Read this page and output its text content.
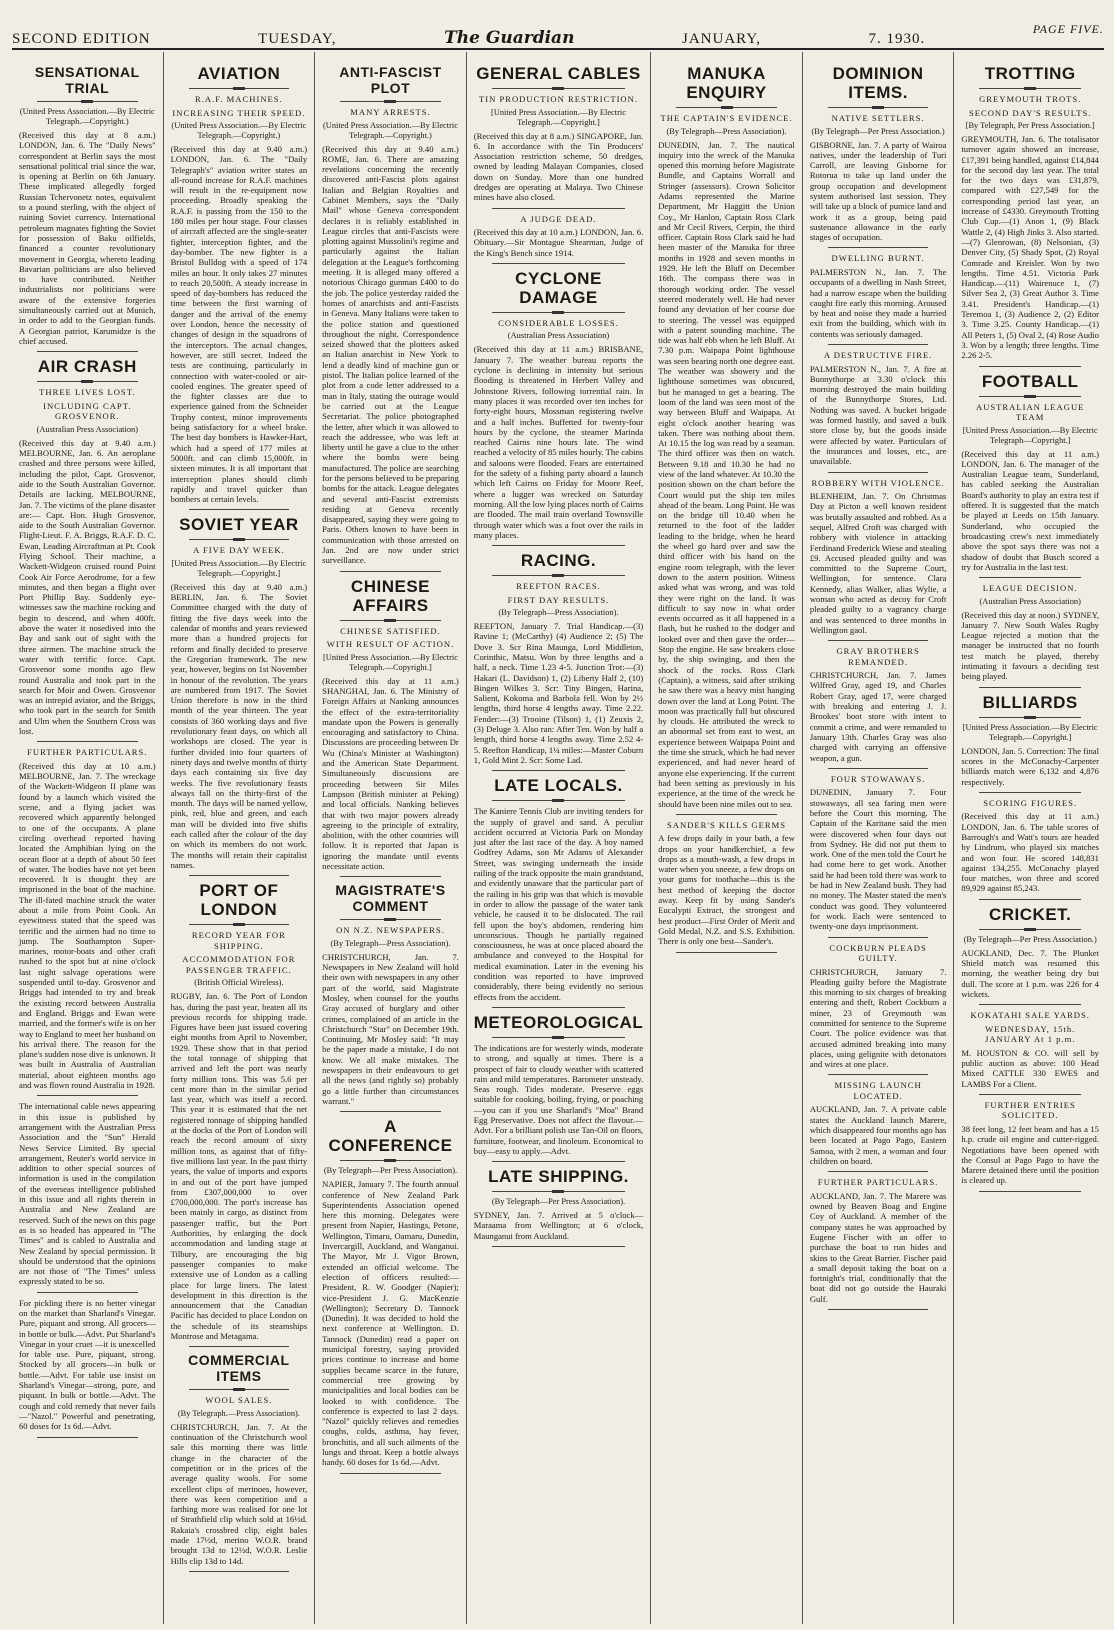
SECOND EDITION	TUESDAY,	The Guardian	JANUARY,	7. 1930.
PAGE FIVE.
SENSATIONAL TRIAL
(United Press Association.—By Electric Telegraph.—Copyright.)
(Received this day at 8 a.m.) LONDON, Jan. 6. The "Daily News" correspondent at Berlin says the most sensational political trial since the war, is opening at Berlin on 6th January. These implicated allegedly forged Russian Tchervonetz notes, equivalent to a pound sterling, with the object of ruining Soviet currency. International petroleum magnates fighting the Soviet for possession of Baku oilfields, financed a counter revolutionary movement in Georgia, whereto leading Bavarian politicians are also believed to have contributed. Neither industrialists nor politicians were aware of the extensive forgeries simultaneously carried out at Munich, in order to add to the Georgian funds. A Georgian patriot, Karumidze is the chief accused.
AIR CRASH
THREE LIVES LOST.
INCLUDING CAPT. GROSVENOR.
(Australian Press Association)
(Received this day at 9.40 a.m.) MELBOURNE, Jan. 6. An aeroplane crashed and three persons were killed, including the pilot, Capt. Grosvenor, aide to the South Australian Governor. Details are lacking. MELBOURNE, Jan. 7. The victims of the plane disaster are:— Capt. Hon. Hugh Grosvenor, aide to the South Australian Governor. Flight-Lieut. F. A. Briggs, R.A.F. D. C. Ewan, Leading Aircraftman at Pt. Cook Flying School. Their machine, a Wackett-Widgeon cruised round Point Cook Air Force Aerodrome, for a few minutes, and then began a flight over Port Phillip Bay. Suddenly eye-witnesses saw the machine rocking and begin to descend, and when 400ft. above the water it nosedived into the Bay and sank out of sight with the three airmen. The machine struck the water with terrific force. Capt. Grosvenor some months ago flew round Australia and took part in the search for Moir and Owen. Grosvenor was an intrepid aviator, and the Briggs, who took part in the search for Smith and Ulm when the Southern Cross was lost.
FURTHER PARTICULARS.
(Received this day at 10 a.m.) MELBOURNE, Jan. 7. The wreckage of the Wackett-Widgeon II plane was found by a launch which visited the scene, and a flying jacket was recovered which apparently belonged to one of the occupants. A plane circling overhead reported having located the Amphibian lying on the ocean floor at a depth of about 50 feet of water. The bodies have not yet been recovered. It is thought they are imprisoned in the boat of the machine. The ill-fated machine struck the water about a mile from Point Cook. An eyewitness stated that the speed was terrific and the airmen had no time to jump. The Southampton Super-marines, motor-boats and other craft rushed to the spot but at nine o'clock last night salvage operations were suspended until to-day. Grosvenor and Briggs had intended to try and break the existing record between Australia and England. Briggs and Ewan were married, and the former's wife is on her way to England to meet her husband on his arrival there. The reason for the plane's sudden nose dive is unknown. It was built in Australia of Australian material, about eighteen months ago and was flown round Australia in 1928.
The international cable news appearing in this issue is published by arrangement with the Australian Press Association and the "Sun" Herald News Service Limited. By special arrangement, Reuter's world service in addition to other special sources of information is used in the compilation of the overseas intelligence published in this issue and all rights therein in Australia and New Zealand are reserved. Such of the news on this page as is so headed has appeared in "The Times" and is cabled to Australia and New Zealand by special permission. It should be understood that the opinions are not those of "The Times" unless expressly stated to be so.
For pickling there is no better vinegar on the market than Sharland's Vinegar. Pure, piquant and strong. All grocers—in bottle or bulk.—Advt. Put Sharland's Vinegar in your cruet —it is unexcelled for table use. Pure, piquant, strong. Stocked by all grocers—in bulk or bottle.—Advt. For table use insist on Sharland's Vinegar—strong, pure, and piquant. In bulk or bottle.—Advt. The cough and cold remedy that never fails—"Nazol." Powerful and penetrating, 60 doses for 1s 6d.—Advt.
AVIATION
R.A.F. MACHINES.
INCREASING THEIR SPEED.
(United Press Association.—By Electric Telegraph.—Copyright.)
(Received this day at 9.40 a.m.) LONDON, Jan. 6. The "Daily Telegraph's" aviation writer states an all-round increase for R.A.F. machines will result in the re-equipment now proceeding. Broadly speaking the R.A.F. is passing from the 150 to the 180 miles per hour stage. Four classes of aircraft affected are the single-seater fighter, interception fighter, and the day-bomber. The new fighter is a Bristol Bulldog with a speed of 174 miles an hour. It only takes 27 minutes to reach 20,500ft. A steady increase in speed of day-bombers has reduced the time between the first warning of danger and the arrival of the enemy over London, hence the necessity of changes of design in the squadrons of the interceptors. The actual changes, however, are still secret. Indeed the tests are continuing, particularly in connection with water-cooled or air-cooled engines. The greater speed of the fighter classes are due to experience gained from the Schneider Trophy contest, minor improvements being satisfactory for a wheel brake. The best day bombers is Hawker-Hart, which had a speed of 177 miles at 5000ft. and can climb 15,000ft. in sixteen minutes. It is all important that interception planes should climb rapidly and travel quicker than bombers at certain levels.
SOVIET YEAR
A FIVE DAY WEEK.
[United Press Association.—By Electric Telegraph.—Copyright.]
(Received this day at 9.40 a.m.) BERLIN, Jan. 6. The Soviet Committee charged with the duty of fitting the five days week into the calendar of months and years reviewed more than a hundred projects for reform and finally decided to preserve the Gregorian framework. The new year, however, begins on 1st November in honour of the revolution. The years are numbered from 1917. The Soviet Union therefore is now in the third month of the year thirteen. The year consists of 360 working days and five revolutionary feast days, on which all workshops are closed. The year is further divided into four quarters of ninety days and twelve months of thirty days each containing six five day weeks. The five revolutionary feasts always fall on the thirty-first of the month. The days will be named yellow, pink, red, blue and green, and each man will be divided into five shifts each called after the colour of the day on which its members do not work. The months will retain their capitalist names.
PORT OF LONDON
RECORD YEAR FOR SHIPPING.
ACCOMMODATION FOR PASSENGER TRAFFIC.
(British Official Wireless).
RUGBY, Jan. 6. The Port of London has, during the past year, beaten all its previous records for shipping trade. Figures have been just issued covering eight months from April to November, 1929. These show that in that period the total tonnage of shipping that arrived and left the port was nearly forty million tons. This was 5.6 per cent more than in the similar period last year, which was itself a record. This year it is estimated that the net registered tonnage of shipping handled at the docks of the Port of London will reach the record amount of sixty million tons, as against that of fifty-five millions last year. In the past thirty years, the value of imports and exports in and out of the port have jumped from £307,000,000 to over £700,000,000. The port's increase has been mainly in cargo, as distinct from passenger traffic, but the Port Authorities, by enlarging the dock accommodation and landing stage at Tilbury, are encouraging the big passenger companies to make extensive use of London as a calling place for large liners. The latest development in this direction is the announcement that the Canadian Pacific has decided to place London on the schedule of its steamships Montrose and Metagama.
COMMERCIAL ITEMS
WOOL SALES.
(By Telegraph.—Press Association).
CHRISTCHURCH, Jan. 7. At the continuation of the Christchurch wool sale this morning there was little change in the character of the competition or in the prices of the average quality wools. For some excellent clips of merinoes, however, there was keen competition and a farthing more was realised for one lot of Strathfield clip which sold at 16½d. Rakaia's crossbred clip, eight bales made 17½d, merino W.O.R. brand brought 13d to 12½d, W.O.R. Leslie Hills clip 13d to 14d.
ANTI-FASCIST PLOT
MANY ARRESTS.
(United Press Association.—By Electric Telegraph.—Copyright.)
(Received this day at 9.40 a.m.) ROME, Jan. 6. There are amazing revelations concerning the recently discovered anti-Fascist plots against Italian and Belgian Royalties and Cabinet Members, says the "Daily Mail" whose Geneva correspondent declares it is reliably established in League circles that anti-Fascists were plotting against Mussolini's regime and particularly against the Italian delegation at the League's forthcoming meeting. It is alleged many offered a notorious Chicago gunman £400 to do the job. The police yesterday raided the homes of anarchists and anti-Fascists in Geneva. Many Italians were taken to the police station and questioned throughout the night. Correspondence seized showed that the plotters asked an Italian anarchist in New York to lend a deadly kind of machine gun or pistol. The Italian police learned of the plot from a code letter addressed to a man in Italy, stating the outrage would be carried out at the League Secretariat. The police photographed the letter, after which it was allowed to reach the addressee, who was left at liberty until he gave a clue to the other where the bombs were being manufactured. The police are searching for the persons believed to be preparing bombs for the attack. League delegates and several anti-Fascist extremists residing at Geneva recently disappeared, saying they were going to Paris. Others known to have been in communication with those arrested on Jan. 2nd are now under strict surveillance.
CHINESE AFFAIRS
CHINESE SATISFIED.
WITH RESULT OF ACTION.
[United Press Association.—By Electric Telegraph.—Copyright.]
(Received this day at 11 a.m.) SHANGHAI, Jan. 6. The Ministry of Foreign Affairs at Nanking announces the effect of the extra-territoriality mandate upon the Powers is generally encouraging and satisfactory to China. Discussions are proceeding between Dr Wu (China's Minister at Washington) and the American State Department. Simultaneously discussions are proceeding between Sir Miles Lampson (British minister at Peking) and local officials. Nanking believes that with two major powers already agreeing to the principle of extrality, abolition, with the other countries will follow. It is reported that Japan is ignoring the mandate until events necessitate action.
MAGISTRATE'S COMMENT
ON N.Z. NEWSPAPERS.
(By Telegraph—Press Association).
CHRISTCHURCH, Jan. 7. Newspapers in New Zealand will hold their own with newspapers in any other part of the world, said Magistrate Mosley, when counsel for the youths Gray accused of burglary and other crimes, complained of an article in the Christchurch "Star" on December 19th. Continuing, Mr Mosley said: "It may be the paper made a mistake, I do not know. We all make mistakes. The newspapers in their endeavours to get all the news (and rightly so) probably go a little further than circumstances warrant."
A CONFERENCE
(By Telegraph—Per Press Association).
NAPIER, January 7. The fourth annual conference of New Zealand Park Superintendents Association opened here this morning. Delegates were present from Napier, Hastings, Petone, Wellington, Timaru, Oamaru, Dunedin, Invercargill, Auckland, and Wanganui. The Mayor, Mr J. Vigor Brown, extended an official welcome. The election of officers resulted:— President, R. W. Goodger (Napier); vice-President J. G. MacKenzie (Wellington); Secretary D. Tannock (Dunedin). It was decided to hold the next conference at Wellington. D. Tannock (Dunedin) read a paper on municipal forestry, saying provided prices continue to increase and home supplies became scarce in the future, commercial tree growing by municipalities and local bodies can be looked to with confidence. The conference is expected to last 2 days. "Nazol" quickly relieves and remedies coughs, colds, asthma, hay fever, bronchitis, and all such ailments of the lungs and throat. Keep a bottle always handy. 60 doses for 1s 6d.—Advt.
GENERAL CABLES
TIN PRODUCTION RESTRICTION.
[United Press Association.—By Electric Telegraph.—Copyright.]
(Received this day at 8 a.m.) SINGAPORE, Jan. 6. In accordance with the Tin Producers' Association restriction scheme, 50 dredges, owned by leading Malayan Companies, closed down on Sunday. More than one hundred dredges are operating at Malaya. Two Chinese mines have also closed.
A JUDGE DEAD.
(Received this day at 10 a.m.) LONDON, Jan. 6. Obituary.—Sir Montague Shearman, Judge of the King's Bench since 1914.
CYCLONE DAMAGE
CONSIDERABLE LOSSES.
(Australian Press Association)
(Received this day at 11 a.m.) BRISBANE, January 7. The weather bureau reports the cyclone is declining in intensity but serious flooding is threatened in Herbert Valley and Johnstone Rivers, following torrential rain. In many places it was recorded over ten inches for forty-eight hours, Mossman registering twelve and a half inches. Buffetted for twenty-four hours by the cyclone, the steamer Marinda reached Cairns nine hours late. The wind reached a velocity of 85 miles hourly. The cabins and saloons were flooded. Fears are entertained for the safety of a fishing party aboard a launch which left Cairns on Friday for Moore Reef, where a lugger was wrecked on Saturday morning. All the low lying places north of Cairns are flooded. The mail train overland Townsville through water which was a foot over the rails in many places.
RACING.
REEFTON RACES.
FIRST DAY RESULTS.
(By Telegraph—Press Association).
REEFTON, January 7. Trial Handicap.—(3) Ravine 1; (McCarthy) (4) Audience 2; (5) The Dove 3. Scr Rina Maunga, Lord Middleton, Corinthic, Matsu. Won by three lengths and a half, a neck. Time 1.23 4-5. Junction Trot:—(3) Hakari (L. Davidson) 1, (2) Liberty Half 2, (10) Bingen Wilkes 3. Scr: Tiny Bingen, Harina, Salient, Kokoma and Barbola fell. Won by 2½ lengths, third horse 4 lengths away. Time 2.22. Fender:—(3) Trooine (Tilson) 1, (1) Zeuxis 2, (3) Deluge 3. Also ran: After Ten. Won by half a length, third horse 4 lengths away. Time 2.52 4-5. Reefton Handicap, 1¼ miles:—Master Coburn 1, Gold Mint 2. Scr: Some Lad.
LATE LOCALS.
The Kaniere Tennis Club are inviting tenders for the supply of gravel and sand. A peculiar accident occurred at Victoria Park on Monday just after the last race of the day. A boy named Godfrey Adams, son Mr Adams of Alexander Street, was swinging underneath the inside railing of the track opposite the main grandstand, and evidently unaware that the particular part of the railing in his grip was that which is movable in order to allow the passage of the water tank vehicle, he caused it to be dislocated. The rail fell upon the boy's abdomen, rendering him unconscious. Though he partially regained consciousness, he was at once placed aboard the ambulance and conveyed to the Hospital for medical examination. Later in the evening his condition was reported to have improved considerably, there being evidently no serious effects from the accident.
METEOROLOGICAL
The indications are for westerly winds, moderate to strong, and squally at times. There is a prospect of fair to cloudy weather with scattered rain and mild temperatures. Barometer unsteady. Seas rough. Tides moderate. Preserve eggs suitable for cooking, boiling, frying, or poaching—you can if you use Sharland's "Moa" Brand Egg Preservative. Does not affect the flavour.—Advt. For a brilliant polish use Tan-Oil on floors, furniture, footwear, and linoleum. Economical to buy—easy to apply.—Advt.
LATE SHIPPING.
(By Telegraph—Per Press Association).
SYDNEY, Jan. 7. Arrived at 5 o'clock—Maraama from Wellington; at 6 o'clock, Maunganui from Auckland.
MANUKA ENQUIRY
THE CAPTAIN'S EVIDENCE.
(By Telegraph—Press Association).
DUNEDIN, Jan. 7. The nautical inquiry into the wreck of the Manuka opened this morning before Magistrate Bundle, and Captains Worrall and Stringer (assessors). Crown Solicitor Adams represented the Marine Department, Mr Haggitt the Union Coy., Mr Hanlon, Captain Ross Clark and Mr Cecil Rivers, Cerpin, the third officer. Captain Ross Clark said he had been master of the Manuka for three months in 1928 and seven months in 1929. He left the Bluff on December 16th. The compass there was in thorough working order. The vessel steered moderately well. He had never found any deviation of her course due to steering. The vessel was equipped with a patent sounding machine. The tide was half ebb when he left Bluff. At 7.30 p.m. Waipapa Point lighthouse was seen bearing north one degree east. The weather was showery and the lighthouse sometimes was obscured, but he managed to get a bearing. The loom of the land was seen most of the way between Bluff and Waipapa. At eight o'clock another bearing was taken. There was nothing about them. At 10.15 the log was read by a seaman. The third officer was then on watch. Between 9.18 and 10.30 he had no view of the land whatever. At 10.30 the position shown on the chart before the Court would put the ship ten miles ahead of the beam. Long Point. He was on the bridge till 10.40 when he returned to the foot of the ladder leading to the bridge, when he heard the wheel go hard over and saw the third officer with his hand on the engine room telegraph, with the lever down to the astern position. Witness asked what was wrong, and was told they were right on the land. It was difficult to say now in what order events occurred as it all happened in a flash, but he rushed to the dodger and looked over and then gave the order—Stop the engine. He saw breakers close by, the ship swinging, and then the shock of the rocks. Ross Clark (Captain), a witness, said after striking he saw there was a heavy mist hanging down over the land at Long Point. The moon was practically full but obscured by clouds. He attributed the wreck to an abnormal set from east to west, an experience between Waipapa Point and the time she struck, which he had never experienced, and had never heard of anyone else experiencing. If the current had been setting as previously in his experience, at the time of the wreck he should have been nine miles out to sea.
SANDER'S KILLS GERMS
A few drops daily in your bath, a few drops on your handkerchief, a few drops as a mouth-wash, a few drops in water when you sneeze, a few drops on your gums for toothache—this is the best method of keeping the doctor away. Keep fit by using Sander's Eucalypti Extract, the strongest and best product—First Order of Merit and Gold Medal, N.Z. and S.S. Exhibition. There is only one best—Sander's.
DOMINION ITEMS.
NATIVE SETTLERS.
(By Telegraph—Per Press Association.)
GISBORNE, Jan. 7. A party of Wairoa natives, under the leadership of Turi Carroll, are leaving Gisborne for Rotorua to take up land under the group occupation and development system authorised last session. They will take up a block of pumice land and work it as a group, being paid sustenance allowance in the early stages of occupation.
DWELLING BURNT.
PALMERSTON N., Jan. 7. The occupants of a dwelling in Nash Street, had a narrow escape when the building caught fire early this morning. Aroused by heat and noise they made a hurried exit from the building, which with its contents was seriously damaged.
A DESTRUCTIVE FIRE.
PALMERSTON N., Jan. 7. A fire at Bunnythorpe at 3.30 o'clock this morning destroyed the main building of the Bunnythorpe Stores, Ltd. Nothing was saved. A bucket brigade was formed hastily, and saved a bulk store close by, but the goods inside were affected by water. Particulars of the insurances and losses, etc., are unavailable.
ROBBERY WITH VIOLENCE.
BLENHEIM, Jan. 7. On Christmas Day at Picton a well known resident was brutally assaulted and robbed. As a sequel, Alfred Croft was charged with robbery with violence in attacking Ferdinand Frederick Wiese and stealing £9. Accused pleaded guilty and was committed to the Supreme Court, Wellington, for sentence. Clara Kennedy, alias Walker, alias Wylie, a woman who acted as decoy for Croft pleaded guilty to a vagrancy charge and was sentenced to three months in Wellington gaol.
GRAY BROTHERS REMANDED.
CHRISTCHURCH, Jan. 7. James Wilfred Gray, aged 19, and Charles Robert Gray, aged 17, were charged with breaking and entering J. J. Brookes' boot store with intent to commit a crime, and were remanded to January 13th. Charles Gray was also charged with carrying an offensive weapon, a gun.
FOUR STOWAWAYS.
DUNEDIN, January 7. Four stowaways, all sea faring men were before the Court this morning. The Captain of the Karitane said the men were discovered when four days out from Sydney. He did not put them to work. One of the men told the Court he had come here to get work. Another said he had been told there was work to be had in New Zealand bush. They had no money. The Master stated the men's conduct was good. They volunteered for work. Each were sentenced to twenty-one days imprisonment.
COCKBURN PLEADS GUILTY.
CHRISTCHURCH, January 7. Pleading guilty before the Magistrate this morning to six charges of breaking entering and theft, Robert Cockburn a miner, 23 of Greymouth was committed for sentence to the Supreme Court. The police evidence was that accused admitted breaking into many places, using gelignite with detonators and wires at one place.
MISSING LAUNCH LOCATED.
AUCKLAND, Jan. 7. A private cable states the Auckland launch Marere, which disappeared four months ago has been located at Pago Pago, Eastern Samoa, with 2 men, a woman and four children on board.
FURTHER PARTICULARS.
AUCKLAND, Jan. 7. The Marere was owned by Beaven Boag and Engine Coy of Auckland. A member of the company states he was approached by Eugene Fischer with an offer to purchase the boat to run hides and skins to the Great Barrier. Fischer paid a small deposit taking the boat on a fortnight's trial, conditionally that the boat did not go outside the Hauraki Gulf.
TROTTING
GREYMOUTH TROTS.
SECOND DAY'S RESULTS.
[By Telegraph, Per Press Association.]
GREYMOUTH, Jan. 6. The totalisator turnover again showed an increase, £17,391 being handled, against £14,844 for the second day last year. The total for the two days was £31,879, compared with £27,549 for the corresponding period last year, an increase of £4330. Greymouth Trotting Club Cup.—(1) Anon 1, (9) Black Wattle 2, (4) High Jinks 3. Also started.—(7) Glenrowan, (8) Nelsonian, (3) Denver City, (5) Shady Spot, (2) Royal Comrade and Kreisler. Won by two lengths. Time 4.51. Victoria Park Handicap.—(11) Wairenuce 1, (7) Silver Sea 2, (3) Great Author 3. Time 3.41. President's Handicap.—(1) Teremoa 1, (3) Audience 2, (2) Editor 3. Time 3.25. County Handicap.—(1) All Peters 1, (5) Oval 2, (4) Rose Audio 3. Won by a length; three lengths. Time 2.26 2-5.
FOOTBALL
AUSTRALIAN LEAGUE TEAM
[United Press Association.—By Electric Telegraph—Copyright.]
(Received this day at 11 a.m.) LONDON, Jan. 6. The manager of the Australian League team, Sunderland, has cabled seeking the Australian Board's authority to play an extra test if offered. It is suggested that the match be played at Leeds on 15th January. Sunderland, who occupied the broadcasting crew's next immediately above the spot says there was not a shadow of doubt that Busch scored a try for Australia in the last test.
LEAGUE DECISION.
(Australian Press Association)
(Received this day at noon.) SYDNEY, January 7. New South Wales Rugby League rejected a motion that the manager be instructed that no fourth test match be played, thereby intimating it favours a deciding test being played.
BILLIARDS
[United Press Association.—By Electric Telegraph.—Copyright.]
LONDON, Jan. 5. Correction: The final scores in the McConachy-Carpenter billiards match were 6,132 and 4,876 respectively.
SCORING FIGURES.
(Received this day at 11 a.m.) LONDON, Jan. 6. The table scores of Barrough's and Watt's tours are headed by Lindrum, who played six matches and won four. He scored 148,831 against 134,255. McConachy played four matches, won three and scored 89,929 against 85,243.
CRICKET.
(By Telegraph—Per Press Association.)
AUCKLAND, Dec. 7. The Plunket Shield match was resumed this morning, the weather being dry but dull. The score at 1 p.m. was 226 for 4 wickets.
KOKATAHI SALE YARDS.
WEDNESDAY, 15th. JANUARY At 1 p.m.
M. HOUSTON & CO. will sell by public auction as above: 100 Head Mixed CATTLE 330 EWES and LAMBS For a Client.
FURTHER ENTRIES SOLICITED.
38 feet long, 12 feet beam and has a 15 h.p. crude oil engine and cutter-rigged. Negotiations have been opened with the Consul at Pago Pago to have the Marere detained there until the position is cleared up.
